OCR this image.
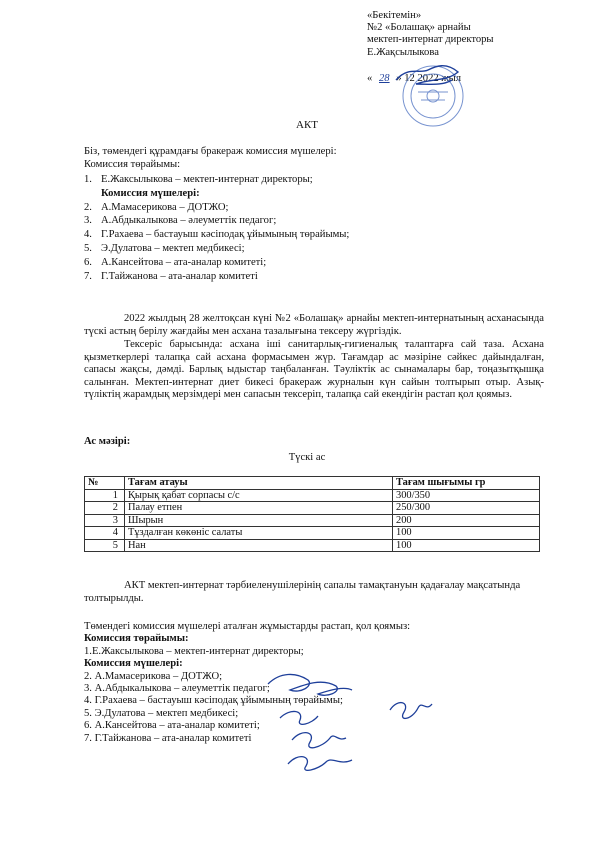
«Бекітемін»
№2 «Болашақ» арнайы
мектеп-интернат директоры
Е.Жақсылыкова
« 28 » 12 2022 жыл
АКТ
Біз, төмендегі құрамдағы бракераж комиссия мүшелері:
Комиссия төрайымы:
1. Е.Жаксылыкова – мектеп-интернат директоры;
Комиссия мүшелері:
2. А.Мамасерикова – ДОТЖО;
3. А.Абдыкалыкова – әлеуметтік педагог;
4. Г.Рахаева – бастауыш кәсіподақ ұйымының төрайымы;
5. Э.Дулатова – мектеп медбикесі;
6. А.Кансейтова – ата-аналар комитеті;
7. Г.Тайжанова – ата-аналар комитеті
2022 жылдың 28 желтоқсан күні №2 «Болашақ» арнайы мектеп-интернатының асханасында түскі астың берілу жағдайы мен асхана тазалығына тексеру жүргіздік.
Тексеріс барысында: асхана іші санитарлық-гигиеналық талаптарға сай таза. Асхана қызметкерлері талапқа сай асхана формасымен жүр. Тағамдар ас мәзіріне сәйкес дайындалған, сапасы жақсы, дәмді. Барлық ыдыстар таңбаланған. Тәуліктік ас сынамалары бар, тоңазытқышқа салынған. Мектеп-интернат диет бикесі бракераж журналын күн сайын толтырып отыр. Азық-түліктің жарамдық мерзімдері мен сапасын тексеріп, талапқа сай екендігін растап қол қоямыз.
Ас мәзірі:
Түскі ас
№	Тағам атауы	Тағам шығымы гр
1	Қырық қабат сорпасы с/с	300/350
2	Палау етпен	250/300
3	Шырын	200
4	Тұздалған көкөніс салаты	100
5	Нан	100
АКТ мектеп-интернат тәрбиеленушілерінің сапалы тамақтануын қадағалау мақсатында толтырылды.
Төмендегі комиссия мүшелері аталған жұмыстарды растап, қол қоямыз:
Комиссия төрайымы:
1.Е.Жаксылыкова – мектеп-интернат директоры;
Комиссия мүшелері:
2. А.Мамасерикова – ДОТЖО;
3. А.Абдыкалыкова – әлеуметтік педагог;
4. Г.Рахаева – бастауыш кәсіподақ ұйымының төрайымы;
5. Э.Дулатова – мектеп медбикесі;
6. А.Кансейтова – ата-аналар комитеті;
7. Г.Тайжанова – ата-аналар комитеті
